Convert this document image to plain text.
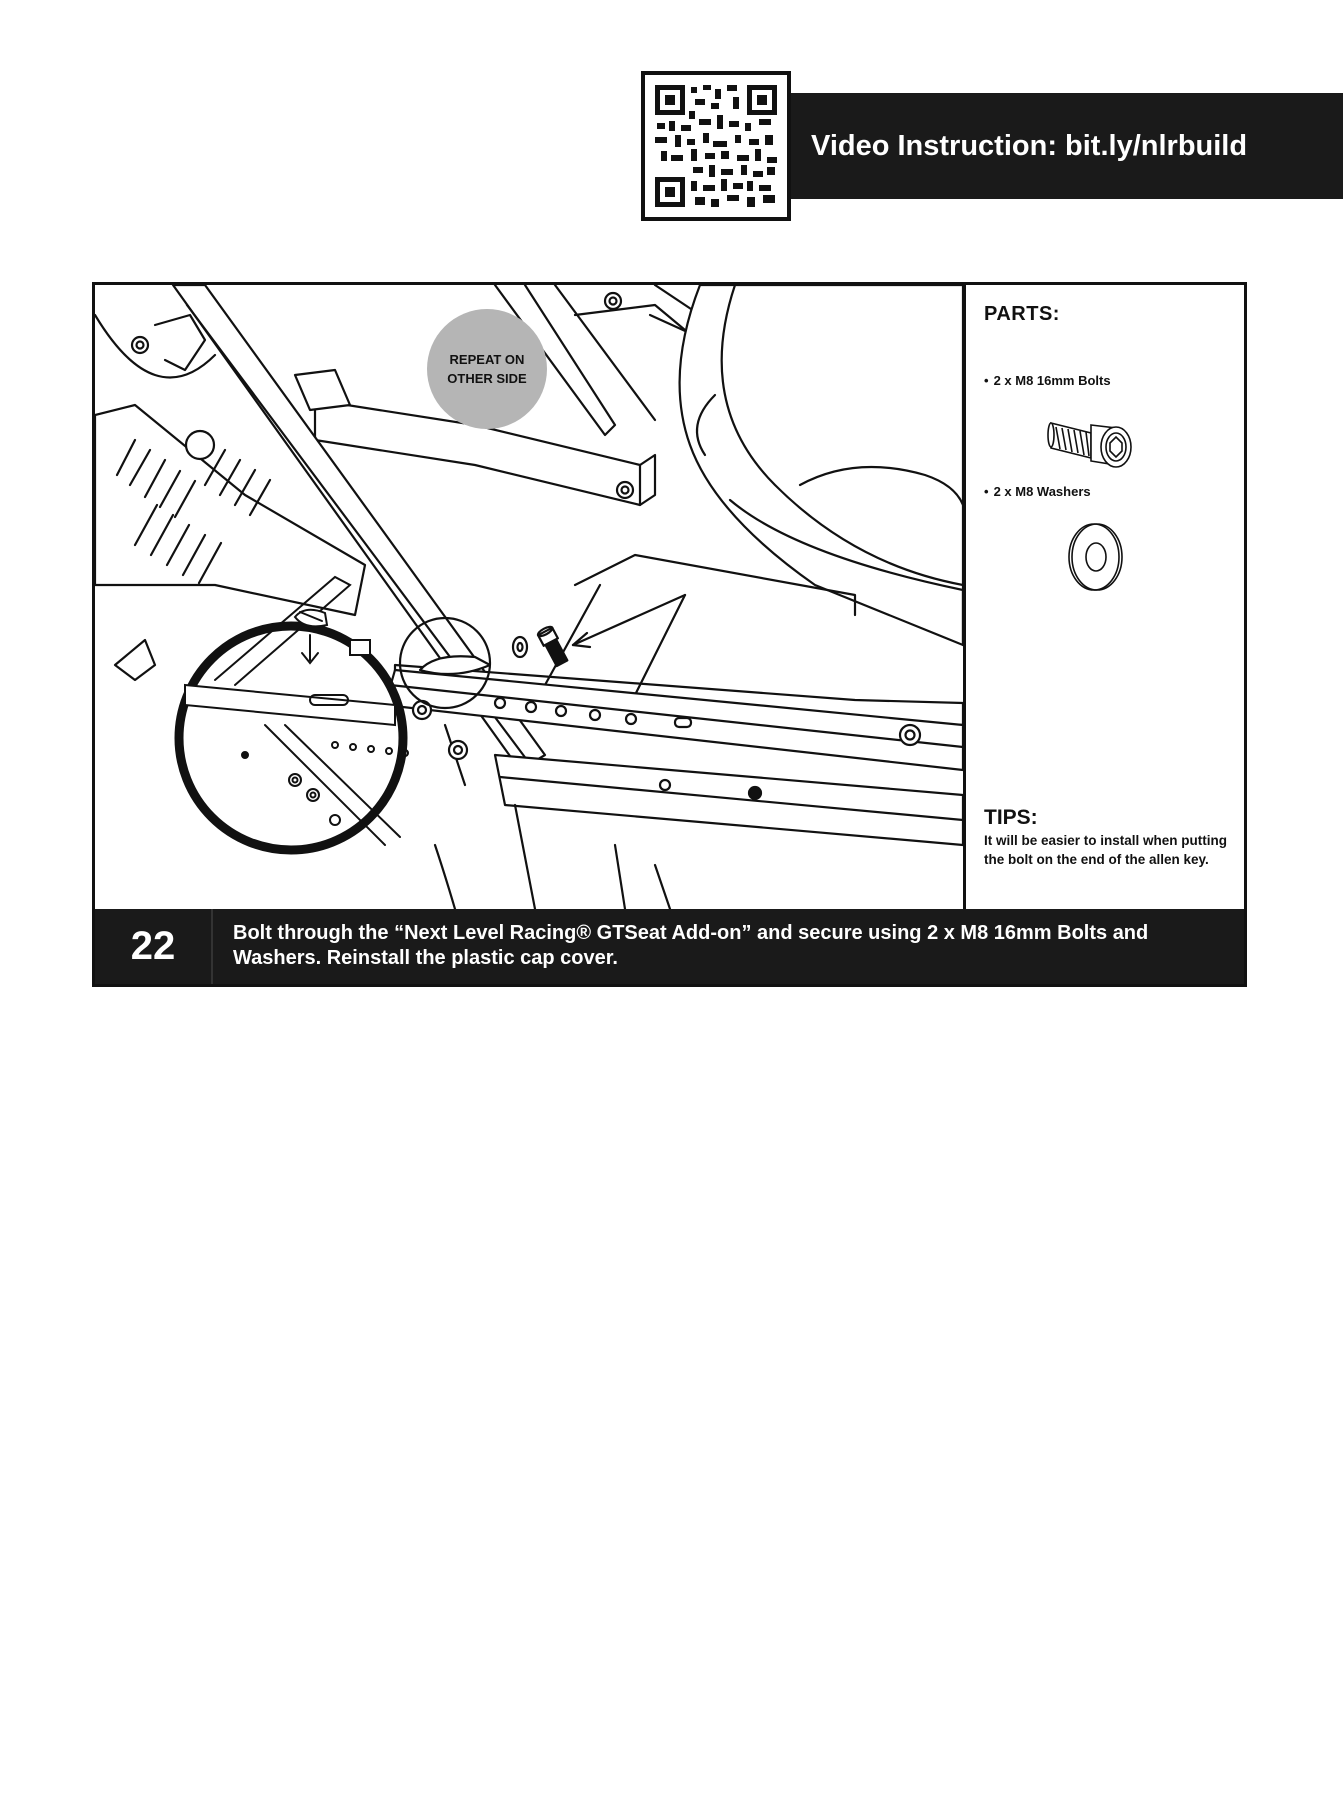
Video Instruction: bit.ly/nlrbuild
REPEAT ON
OTHER SIDE
PARTS:
• 2 x M8 16mm Bolts
• 2 x M8 Washers
TIPS:
It will be easier to install when putting the bolt on the end of the allen key.
22	Bolt through the “Next Level Racing® GTSeat Add-on” and secure using 2 x M8 16mm Bolts and
Washers. Reinstall the plastic cap cover.
